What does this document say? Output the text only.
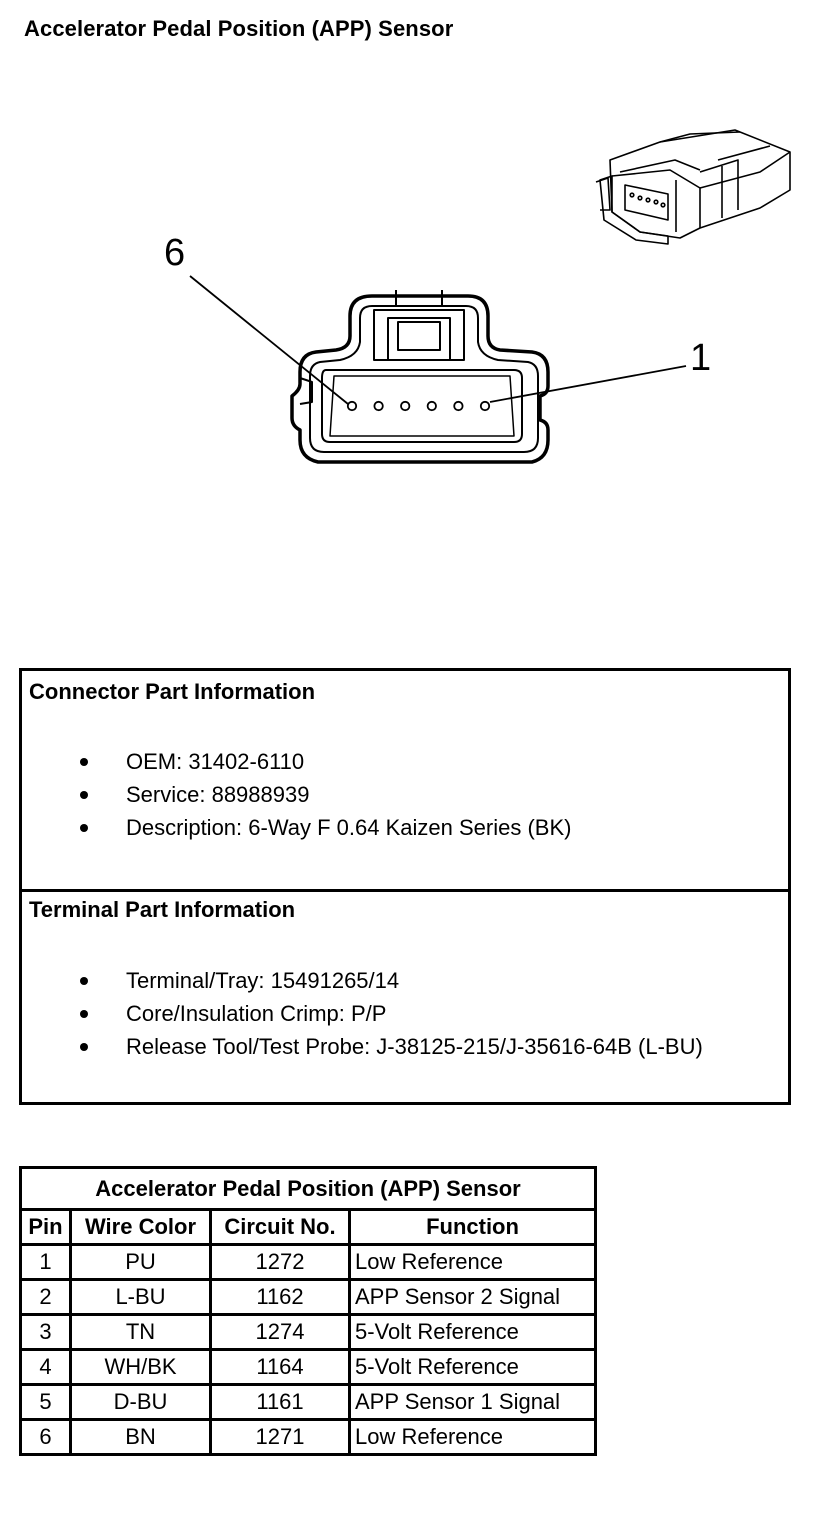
Accelerator Pedal Position (APP) Sensor
6
1
Connector Part Information
OEM: 31402-6110
Service: 88988939
Description: 6-Way F 0.64 Kaizen Series (BK)
Terminal Part Information
Terminal/Tray: 15491265/14
Core/Insulation Crimp: P/P
Release Tool/Test Probe: J-38125-215/J-35616-64B (L-BU)
Accelerator Pedal Position (APP) Sensor			
Pin	Wire Color	Circuit No.	Function
1	PU	1272	Low Reference
2	L-BU	1162	APP Sensor 2 Signal
3	TN	1274	5-Volt Reference
4	WH/BK	1164	5-Volt Reference
5	D-BU	1161	APP Sensor 1 Signal
6	BN	1271	Low Reference
